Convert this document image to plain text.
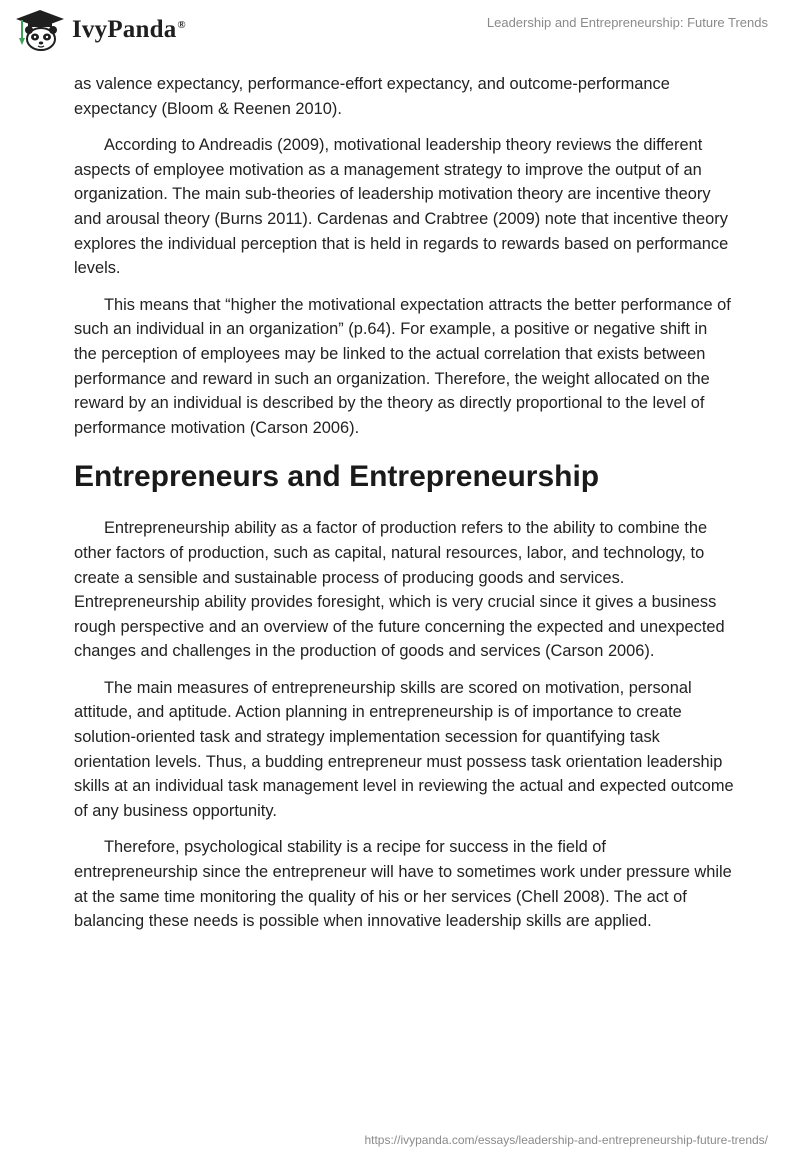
IvyPanda®	Leadership and Entrepreneurship: Future Trends

as valence expectancy, performance-effort expectancy, and outcome-performance expectancy (Bloom & Reenen 2010).

According to Andreadis (2009), motivational leadership theory reviews the different aspects of employee motivation as a management strategy to improve the output of an organization. The main sub-theories of leadership motivation theory are incentive theory and arousal theory (Burns 2011). Cardenas and Crabtree (2009) note that incentive theory explores the individual perception that is held in regards to rewards based on performance levels.

This means that “higher the motivational expectation attracts the better performance of such an individual in an organization” (p.64). For example, a positive or negative shift in the perception of employees may be linked to the actual correlation that exists between performance and reward in such an organization. Therefore, the weight allocated on the reward by an individual is described by the theory as directly proportional to the level of performance motivation (Carson 2006).

Entrepreneurs and Entrepreneurship

Entrepreneurship ability as a factor of production refers to the ability to combine the other factors of production, such as capital, natural resources, labor, and technology, to create a sensible and sustainable process of producing goods and services. Entrepreneurship ability provides foresight, which is very crucial since it gives a business rough perspective and an overview of the future concerning the expected and unexpected changes and challenges in the production of goods and services (Carson 2006).

The main measures of entrepreneurship skills are scored on motivation, personal attitude, and aptitude. Action planning in entrepreneurship is of importance to create solution-oriented task and strategy implementation secession for quantifying task orientation levels. Thus, a budding entrepreneur must possess task orientation leadership skills at an individual task management level in reviewing the actual and expected outcome of any business opportunity.

Therefore, psychological stability is a recipe for success in the field of entrepreneurship since the entrepreneur will have to sometimes work under pressure while at the same time monitoring the quality of his or her services (Chell 2008). The act of balancing these needs is possible when innovative leadership skills are applied.

https://ivypanda.com/essays/leadership-and-entrepreneurship-future-trends/
